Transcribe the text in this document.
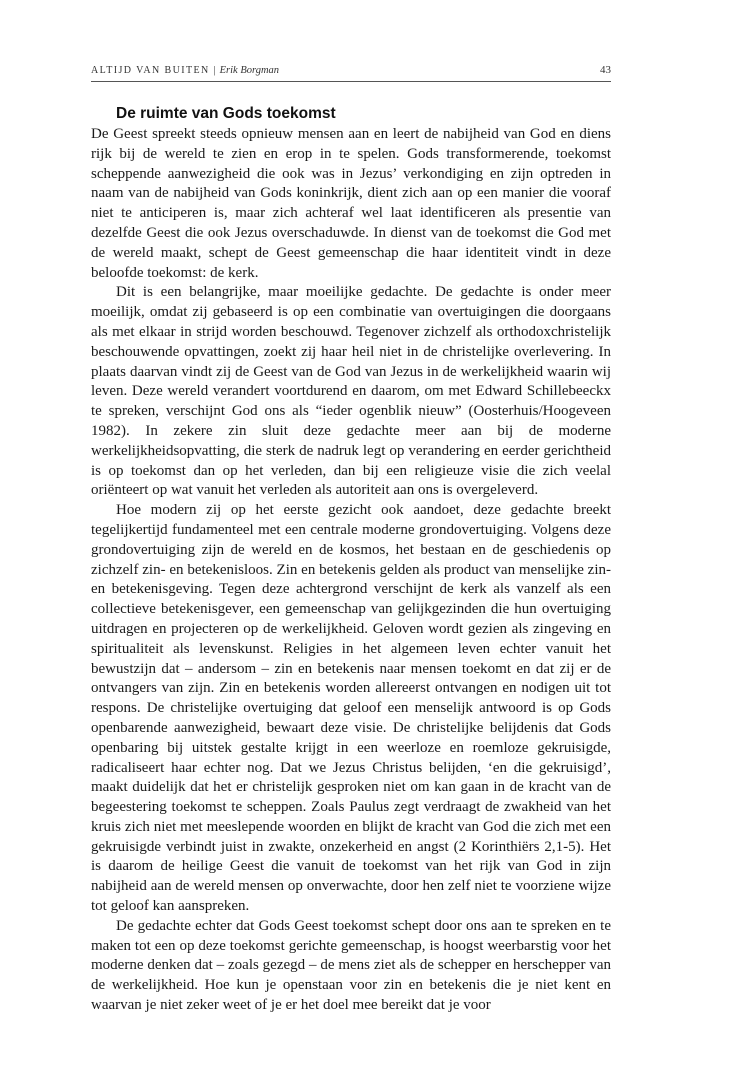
ALTIJD VAN BUITEN | Erik Borgman	43
De ruimte van Gods toekomst

De Geest spreekt steeds opnieuw mensen aan en leert de nabijheid van God en diens rijk bij de wereld te zien en erop in te spelen. Gods transformerende, toekomst scheppende aanwezigheid die ook was in Jezus’ verkondiging en zijn optreden in naam van de nabijheid van Gods koninkrijk, dient zich aan op een manier die vooraf niet te anticiperen is, maar zich achteraf wel laat identificeren als presentie van dezelfde Geest die ook Jezus overschaduwde. In dienst van de toekomst die God met de wereld maakt, schept de Geest gemeenschap die haar identiteit vindt in deze beloofde toekomst: de kerk.

Dit is een belangrijke, maar moeilijke gedachte. De gedachte is onder meer moeilijk, omdat zij gebaseerd is op een combinatie van overtuigingen die doorgaans als met elkaar in strijd worden beschouwd. Tegenover zichzelf als orthodoxchristelijk beschouwende opvattingen, zoekt zij haar heil niet in de christelijke overlevering. In plaats daarvan vindt zij de Geest van de God van Jezus in de werkelijkheid waarin wij leven. Deze wereld verandert voortdurend en daarom, om met Edward Schillebeeckx te spreken, verschijnt God ons als “ieder ogenblik nieuw” (Oosterhuis/Hoogeveen 1982). In zekere zin sluit deze gedachte meer aan bij de moderne werkelijkheidsopvatting, die sterk de nadruk legt op verandering en eerder gerichtheid is op toekomst dan op het verleden, dan bij een religieuze visie die zich veelal oriënteert op wat vanuit het verleden als autoriteit aan ons is overgeleverd.

Hoe modern zij op het eerste gezicht ook aandoet, deze gedachte breekt tegelijkertijd fundamenteel met een centrale moderne grondovertuiging. Volgens deze grondovertuiging zijn de wereld en de kosmos, het bestaan en de geschiedenis op zichzelf zin- en betekenisloos. Zin en betekenis gelden als product van menselijke zin- en betekenisgeving. Tegen deze achtergrond verschijnt de kerk als vanzelf als een collectieve betekenisgever, een gemeenschap van gelijkgezinden die hun overtuiging uitdragen en projecteren op de werkelijkheid. Geloven wordt gezien als zingeving en spiritualiteit als levenskunst. Religies in het algemeen leven echter vanuit het bewustzijn dat – andersom – zin en betekenis naar mensen toekomt en dat zij er de ontvangers van zijn. Zin en betekenis worden allereerst ontvangen en nodigen uit tot respons. De christelijke overtuiging dat geloof een menselijk antwoord is op Gods openbarende aanwezigheid, bewaart deze visie. De christelijke belijdenis dat Gods openbaring bij uitstek gestalte krijgt in een weerloze en roemloze gekruisigde, radicaliseert haar echter nog. Dat we Jezus Christus belijden, ‘en die gekruisigd’, maakt duidelijk dat het er christelijk gesproken niet om kan gaan in de kracht van de begeestering toekomst te scheppen. Zoals Paulus zegt verdraagt de zwakheid van het kruis zich niet met meeslepende woorden en blijkt de kracht van God die zich met een gekruisigde verbindt juist in zwakte, onzekerheid en angst (2 Korinthiërs 2,1-5). Het is daarom de heilige Geest die vanuit de toekomst van het rijk van God in zijn nabijheid aan de wereld mensen op onverwachte, door hen zelf niet te voorziene wijze tot geloof kan aanspreken.

De gedachte echter dat Gods Geest toekomst schept door ons aan te spreken en te maken tot een op deze toekomst gerichte gemeenschap, is hoogst weerbarstig voor het moderne denken dat – zoals gezegd – de mens ziet als de schepper en herschepper van de werkelijkheid. Hoe kun je openstaan voor zin en betekenis die je niet kent en waarvan je niet zeker weet of je er het doel mee bereikt dat je voor
